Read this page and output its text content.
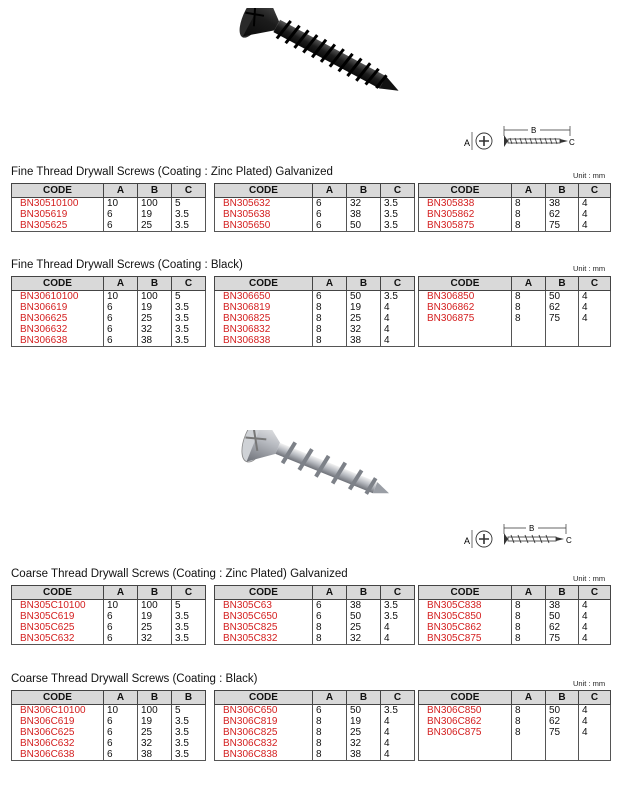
A
B
C
Fine Thread Drywall Screws (Coating : Zinc Plated) Galvanized	Unit : mm
CODE	A	B	C
BN30510100	10	100	5
BN305619	6	19	3.5
BN305625	6	25	3.5
CODE	A	B	C
BN305632	6	32	3.5
BN305638	6	38	3.5
BN305650	6	50	3.5
CODE	A	B	C
BN305838	8	38	4
BN305862	8	62	4
BN305875	8	75	4
Fine Thread Drywall Screws (Coating : Black)	Unit : mm
CODE	A	B	C
BN30610100	10	100	5
BN306619	6	19	3.5
BN306625	6	25	3.5
BN306632	6	32	3.5
BN306638	6	38	3.5
CODE	A	B	C
BN306650	6	50	3.5
BN306819	8	19	4
BN306825	8	25	4
BN306832	8	32	4
BN306838	8	38	4
CODE	A	B	C
BN306850	8	50	4
BN306862	8	62	4
BN306875	8	75	4

A
B
C
Coarse Thread Drywall Screws (Coating : Zinc Plated) Galvanized	Unit : mm
CODE	A	B	C
BN305C10100	10	100	5
BN305C619	6	19	3.5
BN305C625	6	25	3.5
BN305C632	6	32	3.5
CODE	A	B	C
BN305C63	6	38	3.5
BN305C650	6	50	3.5
BN305C825	8	25	4
BN305C832	8	32	4
CODE	A	B	C
BN305C838	8	38	4
BN305C850	8	50	4
BN305C862	8	62	4
BN305C875	8	75	4
Coarse Thread Drywall Screws (Coating : Black)	Unit : mm
CODE	A	B	B
BN306C10100	10	100	5
BN306C619	6	19	3.5
BN306C625	6	25	3.5
BN306C632	6	32	3.5
BN306C638	6	38	3.5
CODE	A	B	C
BN306C650	6	50	3.5
BN306C819	8	19	4
BN306C825	8	25	4
BN306C832	8	32	4
BN306C838	8	38	4
CODE	A	B	C
BN306C850	8	50	4
BN306C862	8	62	4
BN306C875	8	75	4
